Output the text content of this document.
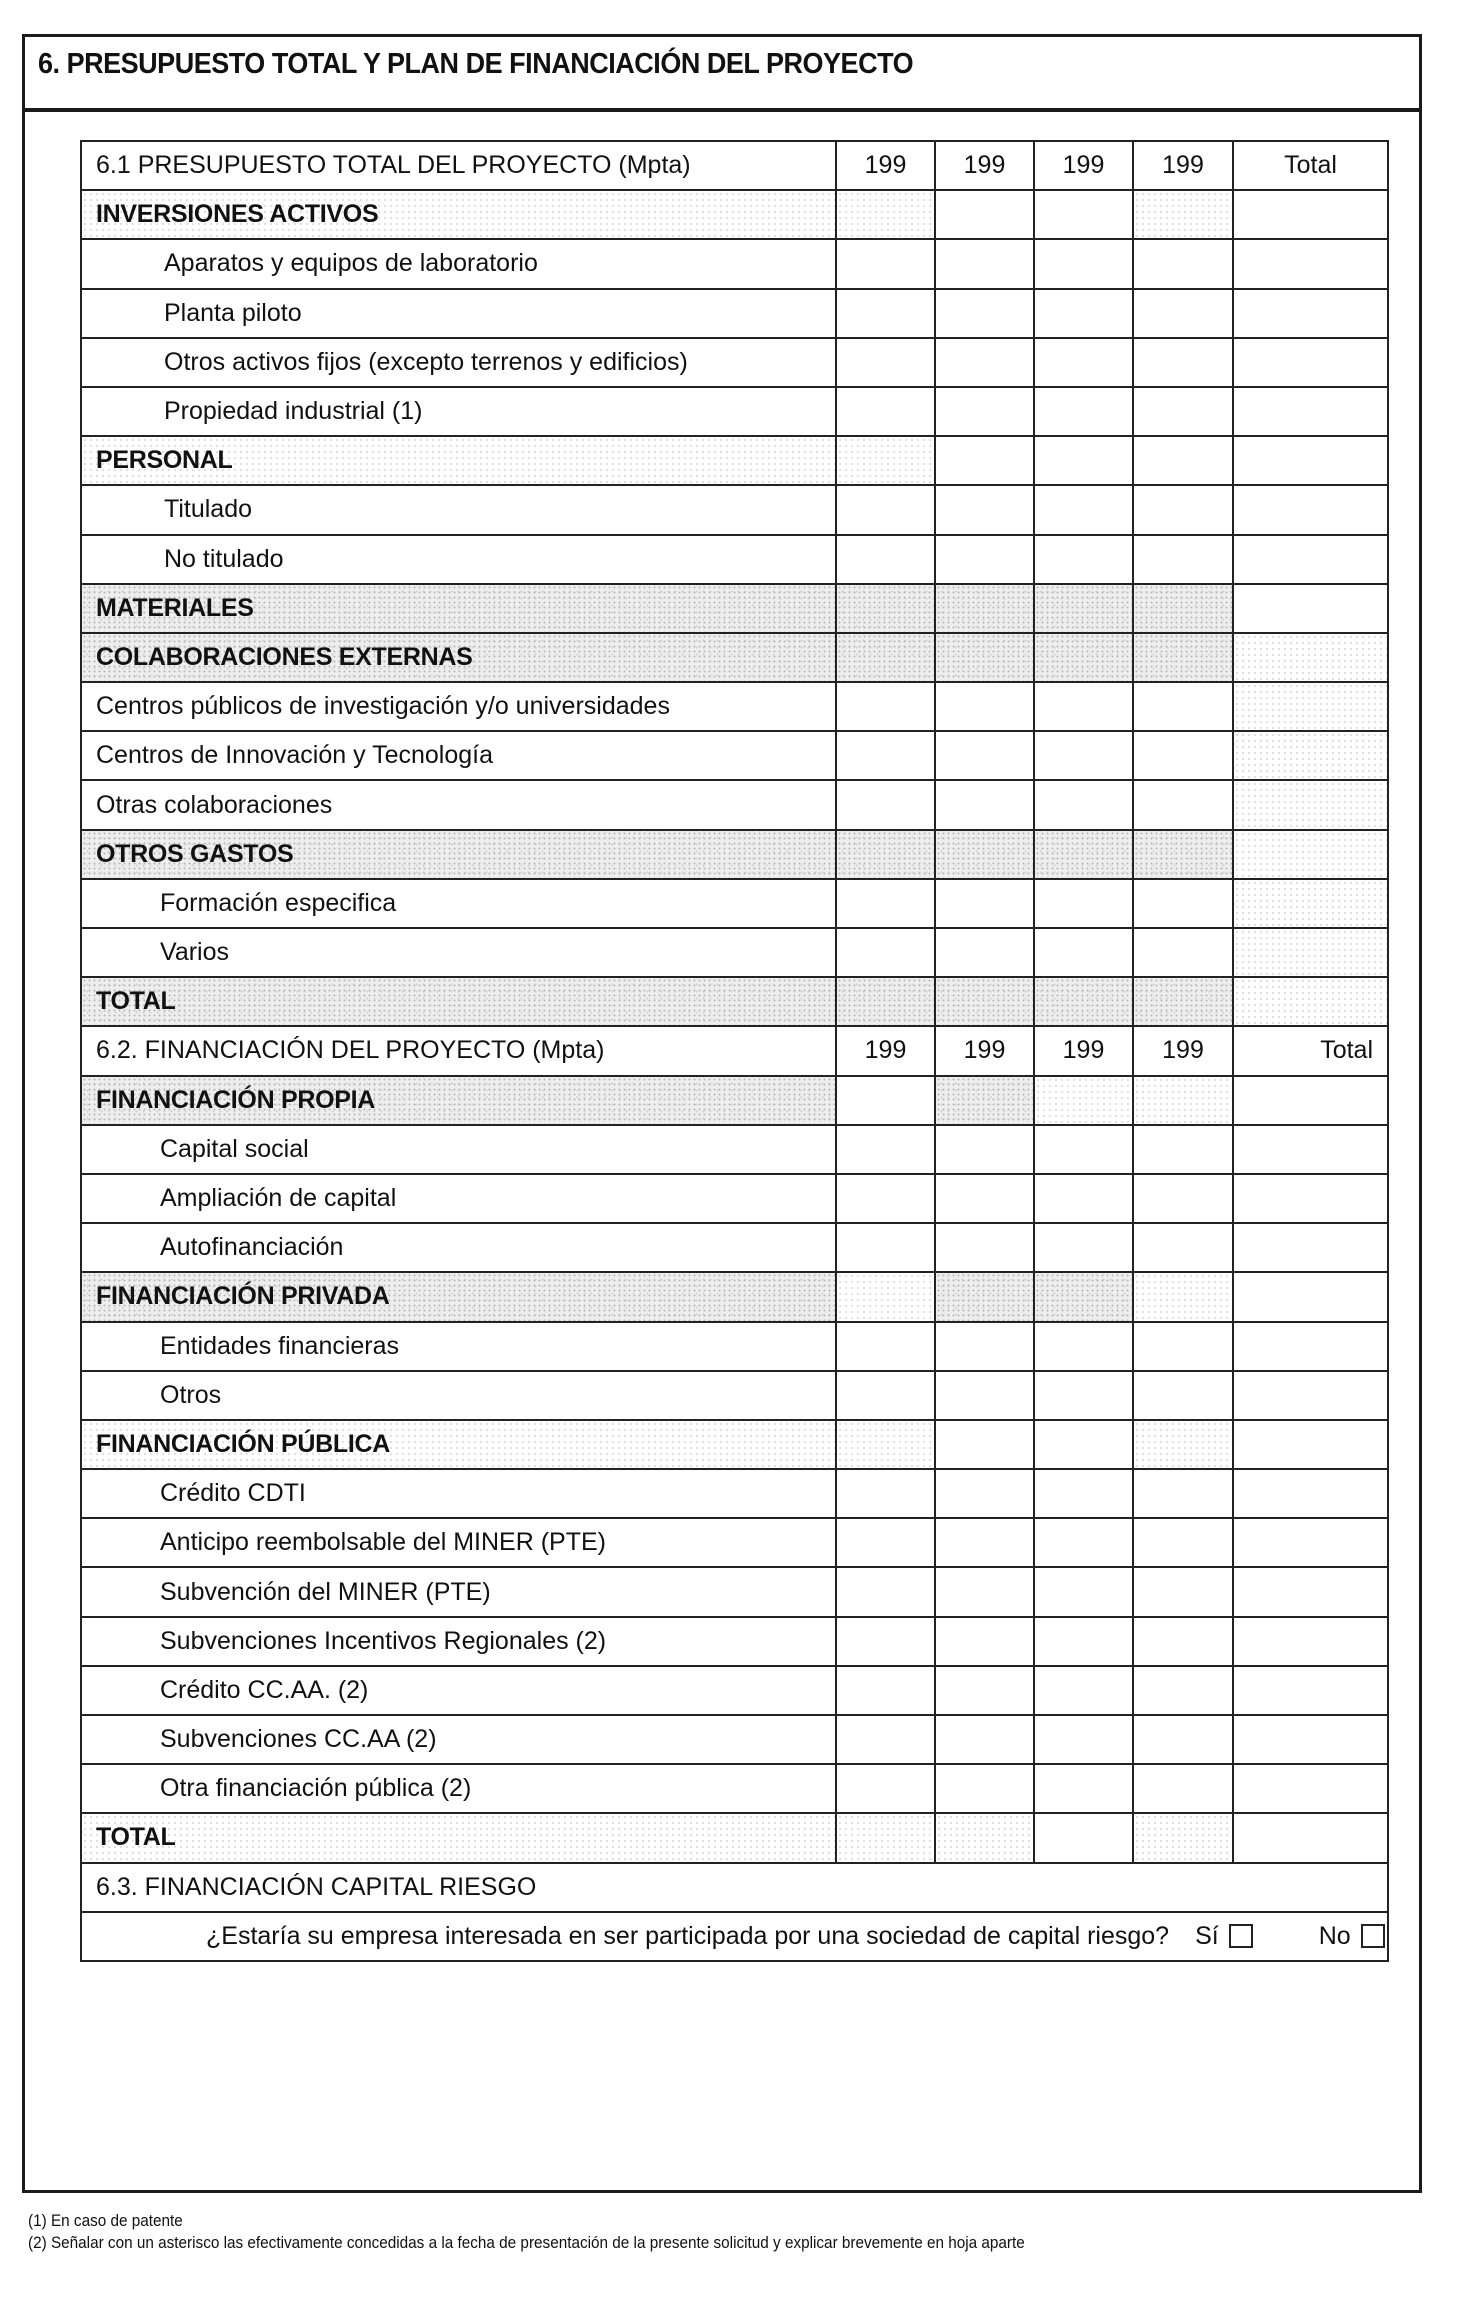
6. PRESUPUESTO TOTAL Y PLAN DE FINANCIACIÓN DEL PROYECTO
6.1 PRESUPUESTO TOTAL DEL PROYECTO (Mpta)	199	199	199	199	Total
INVERSIONES ACTIVOS					
Aparatos y equipos de laboratorio					
Planta piloto					
Otros activos fijos (excepto terrenos y edificios)					
Propiedad industrial (1)					
PERSONAL					
Titulado					
No titulado					
MATERIALES					
COLABORACIONES EXTERNAS					
Centros públicos de investigación y/o universidades					
Centros de Innovación y Tecnología					
Otras colaboraciones					
OTROS GASTOS					
Formación especifica					
Varios					
TOTAL					
6.2. FINANCIACIÓN DEL PROYECTO (Mpta)	199	199	199	199	Total
FINANCIACIÓN PROPIA					
Capital social					
Ampliación de capital					
Autofinanciación					
FINANCIACIÓN PRIVADA					
Entidades financieras					
Otros					
FINANCIACIÓN PÚBLICA					
Crédito CDTI					
Anticipo reembolsable del MINER (PTE)					
Subvención del MINER (PTE)					
Subvenciones Incentivos Regionales (2)					
Crédito CC.AA. (2)					
Subvenciones CC.AA (2)					
Otra financiación pública (2)					
TOTAL					
6.3. FINANCIACIÓN CAPITAL RIESGO					

¿Estaría su empresa interesada en ser participada por una sociedad de capital riesgo? Sí No					
(1) En caso de patente
(2) Señalar con un asterisco las efectivamente concedidas a la fecha de presentación de la presente solicitud y explicar brevemente en hoja aparte
